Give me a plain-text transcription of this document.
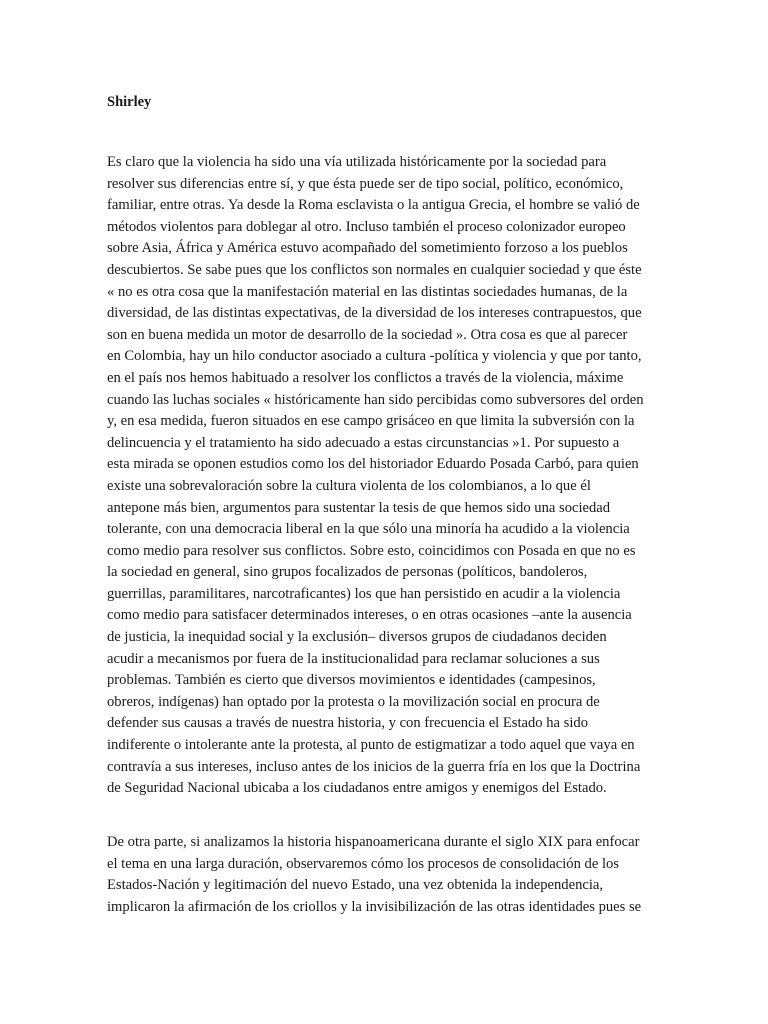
Shirley
Es claro que la violencia ha sido una vía utilizada históricamente por la sociedad para
resolver sus diferencias entre sí, y que ésta puede ser de tipo social, político, económico,
familiar, entre otras. Ya desde la Roma esclavista o la antigua Grecia, el hombre se valió de
métodos violentos para doblegar al otro. Incluso también el proceso colonizador europeo
sobre Asia, África y América estuvo acompañado del sometimiento forzoso a los pueblos
descubiertos. Se sabe pues que los conflictos son normales en cualquier sociedad y que éste
« no es otra cosa que la manifestación material en las distintas sociedades humanas, de la
diversidad, de las distintas expectativas, de la diversidad de los intereses contrapuestos, que
son en buena medida un motor de desarrollo de la sociedad ». Otra cosa es que al parecer
en Colombia, hay un hilo conductor asociado a cultura -política y violencia y que por tanto,
en el país nos hemos habituado a resolver los conflictos a través de la violencia, máxime
cuando las luchas sociales « históricamente han sido percibidas como subversores del orden
y, en esa medida, fueron situados en ese campo grisáceo en que limita la subversión con la
delincuencia y el tratamiento ha sido adecuado a estas circunstancias »1. Por supuesto a
esta mirada se oponen estudios como los del historiador Eduardo Posada Carbó, para quien
existe una sobrevaloración sobre la cultura violenta de los colombianos, a lo que él
antepone más bien, argumentos para sustentar la tesis de que hemos sido una sociedad
tolerante, con una democracia liberal en la que sólo una minoría ha acudido a la violencia
como medio para resolver sus conflictos. Sobre esto, coincidimos con Posada en que no es
la sociedad en general, sino grupos focalizados de personas (políticos, bandoleros,
guerrillas, paramilitares, narcotraficantes) los que han persistido en acudir a la violencia
como medio para satisfacer determinados intereses, o en otras ocasiones –ante la ausencia
de justicia, la inequidad social y la exclusión– diversos grupos de ciudadanos deciden
acudir a mecanismos por fuera de la institucionalidad para reclamar soluciones a sus
problemas. También es cierto que diversos movimientos e identidades (campesinos,
obreros, indígenas) han optado por la protesta o la movilización social en procura de
defender sus causas a través de nuestra historia, y con frecuencia el Estado ha sido
indiferente o intolerante ante la protesta, al punto de estigmatizar a todo aquel que vaya en
contravía a sus intereses, incluso antes de los inicios de la guerra fría en los que la Doctrina
de Seguridad Nacional ubicaba a los ciudadanos entre amigos y enemigos del Estado.
De otra parte, si analizamos la historia hispanoamericana durante el siglo XIX para enfocar
el tema en una larga duración, observaremos cómo los procesos de consolidación de los
Estados-Nación y legitimación del nuevo Estado, una vez obtenida la independencia,
implicaron la afirmación de los criollos y la invisibilización de las otras identidades pues se
